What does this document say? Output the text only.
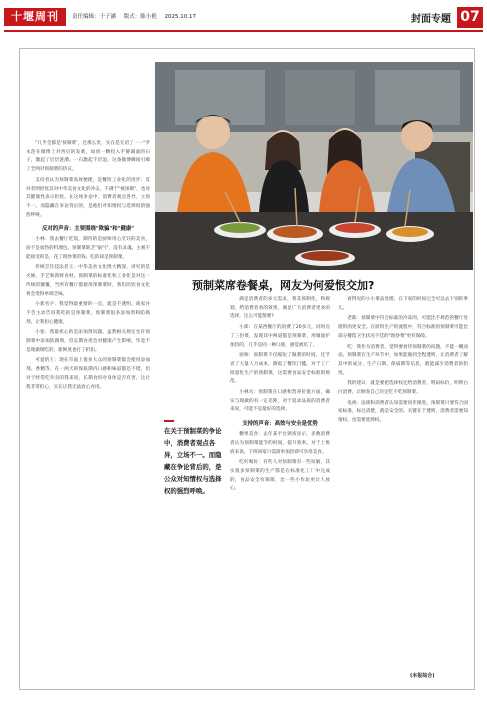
十堰周刊	责任编辑：于子涵 版式：陈小艳 2025.10.17	封面专题 07
预制菜席卷餐桌，网友为何爱恨交加?

"几乎全都是'预制菜'，还那么贵，实在是无语了一一"罗永浩在微博上对西贝的发难，如同一颗投入平静湖面的石子，激起了层层涟漪。一石激起千层浪，这条微博瞬间引爆了全网对预制菜的热议。

支持者认为预制菜高效便捷，是餐饮工业化的进步；反对者则担忧其对中华美食文化的冲击，不满于"被预制"，也对其健康性表示担忧。在这场争论中，消费者观点各异，立场不一。而隐藏在争论背后的，是他们对知情权与选择权的强烈呼唤。

反对的声音：主要围绕"欺骗"和"健康"

小林：我去餐厅吃饭，期待的是厨师用心烹饪的美食，而不是加热的料理包。预制菜缺乏"锅气"，没有灵魂。主观不能接受的是，花了现炒菜的钱，吃的却是预制菜。

传统烹饪技法者王：中华美食文化博大精深，讲究的是火候、手艺和新鲜食材。预制菜的标准化和工业化是对这一传统的颠覆，当所有餐厅都使用预制菜时，我们的饮食文化将会变得单调乏味。

小新名字：我觉得最重要的一点，就是不透明。商家并不会主动告诉我吃的是预制菜，预制菜很多添加剂和防腐剂，让我担心健康。

小张：我最担心的是添加剂问题。虽然相关规定允许预制菜中添加防腐剂，但长期食用会对健康产生影响，毕竟不是现做现吃的，新鲜度也打了折扣。

可爱的王：现在市面上很多大众的预制菜都会使用添加剂、香精等，在一两天的保质期内口感和味道都还不错，但对于经常吃外卖的我来说，长期食用对身体是否有害，这让我非常担心，实在让我无法放心食用。

在关于预制菜的争论中，消费者观点各异，立场不一。而隐藏在争论背后的，是公众对知情权与选择权的强烈呼唤。

满足消费者的多元需求，将其预制化，和规划，给消费者看的效果，满足广大消费者更多的选择，这么可能都要?

小郑：在某西餐厅的消费了20多元，同时点了三份菜，发现其中两道都是预制菜，用微波炉加热的，几乎是同一种口感，感觉被坑了。

厨师：预制菜不仅缩短了做菜的时间，还节省了大量人力成本，降低了餐饮门槛。对于工厂批量化生产的预制菜，这需要食品安全标准的规范。

小林夫：预制菜在口感和营养价值方面，确实与现做的有一定差距，对于追求品质的消费者来说，可能不是最好的选择。

支持的声音：高效与安全是优势

糖果美食：去年某平台调查显示，多数消费者认为预制菜能节约时间，提升效率。对于上班族来说，下班回家只需简单加热即可享用美食。

吃好喝好：有些人对预制菜有一些误解，其实很多预制菜的生产都是在标准化工厂中完成的，食品安全有保障，比一些小作坊更让人放心。

看得见的小小菜品处理，在下家的时间完全可以去干别的事儿。

老陈：预制菜中符合标准的冷冻肉，可能比不规范的餐厅处理的肉更安全。在原料生产的流程中，符合标准的预制菜可能比部分餐馆卫生状况不佳的"现炒菜"更有保障。

吃：我作为消费者，觉得要看待预制菜的问题，不能一概而论。预制菜在生产环节中，如果能做到全程透明，让消费者了解其中的成分、生产日期、保质期等信息，就能减少消费者的担忧。

我的建议：就是要把选择权还给消费者，明码标价，明明白白消费，让顾客自己决定吃不吃预制菜。

电视：法规和消费者认知需要同步跟进。预制菜只要符合国家标准，标注清楚，就是安全的。关键在于透明，消费者需要知情权，也需要选择权。

(本报综合)
